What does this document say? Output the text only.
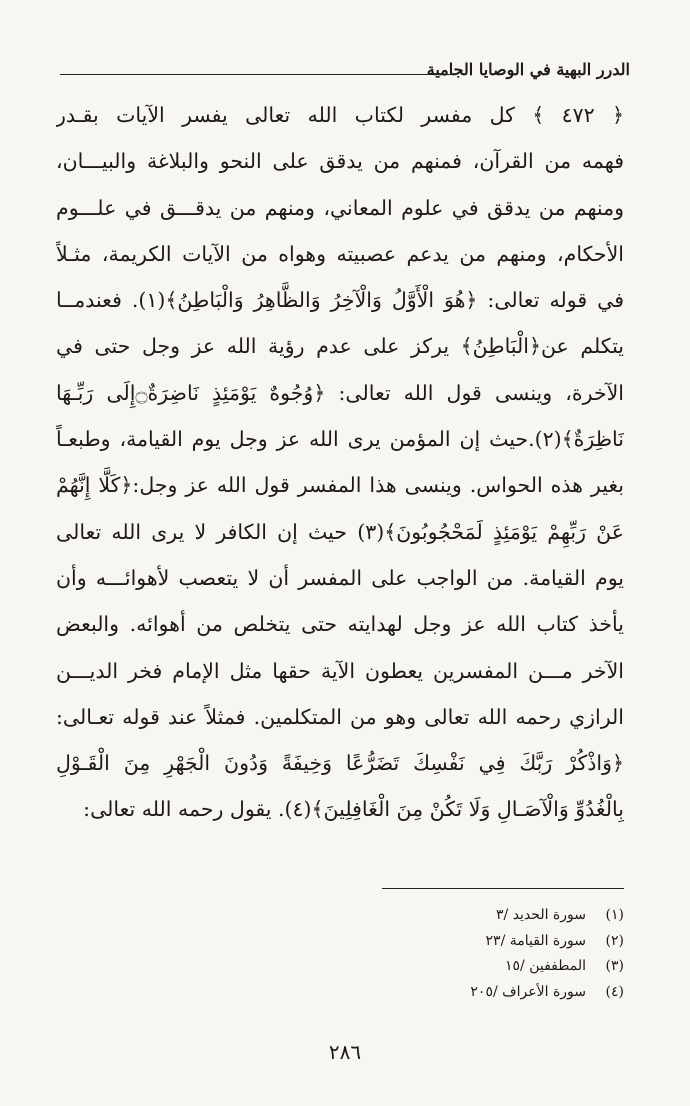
الدرر البهية في الوصايا الجامية
﴿ ٤٧٢ ﴾ كل مفسر لكتاب الله تعالى يفسر الآيات بقـدر
فهمه من القرآن، فمنهم من يدقق على النحو والبلاغة والبيـــان،
ومنهم من يدقق في علوم المعاني، ومنهم من يدقـــق في علـــوم
الأحكام، ومنهم من يدعم عصبيته وهواه من الآيات الكريمة، مثـلاً
في قوله تعالى: ﴿هُوَ الْأَوَّلُ وَالْآخِرُ وَالظَّاهِرُ وَالْبَاطِنُ﴾(١). فعندمــا
يتكلم عن﴿الْبَاطِنُ﴾ يركز على عدم رؤية الله عز وجل حتى في
الآخرة، وينسى قول الله تعالى: ﴿وُجُوهٌ يَوْمَئِذٍ نَاضِرَةٌ۝إِلَى رَبِّـهَا
نَاظِرَةٌ﴾(٢).حيث إن المؤمن يرى الله عز وجل يوم القيامة، وطبعـاً
بغير هذه الحواس. وينسى هذا المفسر قول الله عز وجل:﴿كَلَّا إِنَّهُمْ
عَنْ رَبِّهِمْ يَوْمَئِذٍ لَمَحْجُوبُونَ﴾(٣) حيث إن الكافر لا يرى الله تعالى
يوم القيامة. من الواجب على المفسر أن لا يتعصب لأهوائـــه وأن
يأخذ كتاب الله عز وجل لهدايته حتى يتخلص من أهوائه. والبعض
الآخر مـــن المفسرين يعطون الآية حقها مثل الإمام فخر الديـــن
الرازي رحمه الله تعالى وهو من المتكلمين. فمثلاً عند قوله تعـالى:
﴿وَاذْكُرْ رَبَّكَ فِي نَفْسِكَ تَضَرُّعًا وَخِيفَةً وَدُونَ الْجَهْرِ مِنَ الْقَـوْلِ
بِالْغُدُوِّ وَالْآصَـالِ وَلَا تَكُنْ مِنَ الْغَافِلِينَ﴾(٤). يقول رحمه الله تعالى:
(١)سورة الحديد /٣
(٢)سورة القيامة /٢٣
(٣)المطففين /١٥
(٤)سورة الأعراف /٢٠٥
٢٨٦
